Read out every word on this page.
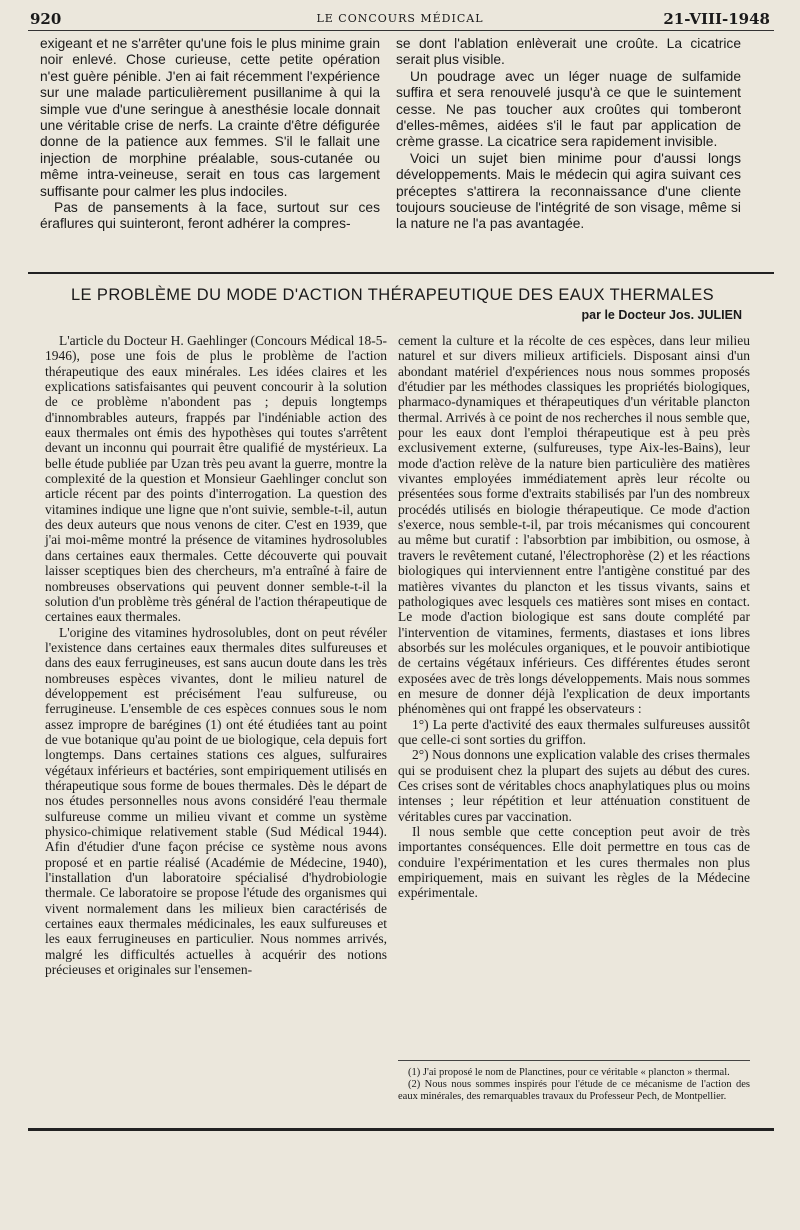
920	LE CONCOURS MÉDICAL	21-VIII-1948

exigeant et ne s'arrêter qu'une fois le plus minime grain noir enlevé. Chose curieuse, cette petite opération n'est guère pénible. J'en ai fait récemment l'expérience sur une malade particulièrement pusillanime à qui la simple vue d'une seringue à anesthésie locale donnait une véritable crise de nerfs. La crainte d'être défigurée donne de la patience aux femmes. S'il le fallait une injection de morphine préalable, sous-cutanée ou même intra-veineuse, serait en tous cas largement suffisante pour calmer les plus indociles.

Pas de pansements à la face, surtout sur ces éraflures qui suinteront, feront adhérer la compres-

se dont l'ablation enlèverait une croûte. La cicatrice serait plus visible.

Un poudrage avec un léger nuage de sulfamide suffira et sera renouvelé jusqu'à ce que le suintement cesse. Ne pas toucher aux croûtes qui tomberont d'elles-mêmes, aidées s'il le faut par application de crème grasse. La cicatrice sera rapidement invisible.

Voici un sujet bien minime pour d'aussi longs développements. Mais le médecin qui agira suivant ces préceptes s'attirera la reconnaissance d'une cliente toujours soucieuse de l'intégrité de son visage, même si la nature ne l'a pas avantagée.

LE PROBLÈME DU MODE D'ACTION THÉRAPEUTIQUE DES EAUX THERMALES
par le Docteur Jos. JULIEN

L'article du Docteur H. Gaehlinger (Concours Médical 18-5-1946), pose une fois de plus le problème de l'action thérapeutique des eaux minérales. Les idées claires et les explications satisfaisantes qui peuvent concourir à la solution de ce problème n'abondent pas ; depuis longtemps d'innombrables auteurs, frappés par l'indéniable action des eaux thermales ont émis des hypothèses qui toutes s'arrêtent devant un inconnu qui pourrait être qualifié de mystérieux. La belle étude publiée par Uzan très peu avant la guerre, montre la complexité de la question et Monsieur Gaehlinger conclut son article récent par des points d'interrogation. La question des vitamines indique une ligne que n'ont suivie, semble-t-il, autun des deux auteurs que nous venons de citer. C'est en 1939, que j'ai moi-même montré la présence de vitamines hydrosolubles dans certaines eaux thermales. Cette découverte qui pouvait laisser sceptiques bien des chercheurs, m'a entraîné à faire de nombreuses observations qui peuvent donner semble-t-il la solution d'un problème très général de l'action thérapeutique de certaines eaux thermales.

L'origine des vitamines hydrosolubles, dont on peut révéler l'existence dans certaines eaux thermales dites sulfureuses et dans des eaux ferrugineuses, est sans aucun doute dans les très nombreuses espèces vivantes, dont le milieu naturel de développement est précisément l'eau sulfureuse, ou ferrugineuse. L'ensemble de ces espèces connues sous le nom assez impropre de barégines (1) ont été étudiées tant au point de vue botanique qu'au point de ue biologique, cela depuis fort longtemps. Dans certaines stations ces algues, sulfuraires végétaux inférieurs et bactéries, sont empiriquement utilisés en thérapeutique sous forme de boues thermales. Dès le départ de nos études personnelles nous avons considéré l'eau thermale sulfureuse comme un milieu vivant et comme un système physico-chimique relativement stable (Sud Médical 1944). Afin d'étudier d'une façon précise ce système nous avons proposé et en partie réalisé (Académie de Médecine, 1940), l'installation d'un laboratoire spécialisé d'hydrobiologie thermale. Ce laboratoire se propose l'étude des organismes qui vivent normalement dans les milieux bien caractérisés de certaines eaux thermales médicinales, les eaux sulfureuses et les eaux ferrugineuses en particulier. Nous nommes arrivés, malgré les difficultés actuelles à acquérir des notions précieuses et originales sur l'ensemen-

cement la culture et la récolte de ces espèces, dans leur milieu naturel et sur divers milieux artificiels. Disposant ainsi d'un abondant matériel d'expériences nous nous sommes proposés d'étudier par les méthodes classiques les propriétés biologiques, pharmaco-dynamiques et thérapeutiques d'un véritable plancton thermal. Arrivés à ce point de nos recherches il nous semble que, pour les eaux dont l'emploi thérapeutique est à peu près exclusivement externe, (sulfureuses, type Aix-les-Bains), leur mode d'action relève de la nature bien particulière des matières vivantes employées immédiatement après leur récolte ou présentées sous forme d'extraits stabilisés par l'un des nombreux procédés utilisés en biologie thérapeutique. Ce mode d'action s'exerce, nous semble-t-il, par trois mécanismes qui concourent au même but curatif : l'absorbtion par imbibition, ou osmose, à travers le revêtement cutané, l'électrophorèse (2) et les réactions biologiques qui interviennent entre l'antigène constitué par des matières vivantes du plancton et les tissus vivants, sains et pathologiques avec lesquels ces matières sont mises en contact. Le mode d'action biologique est sans doute complété par l'intervention de vitamines, ferments, diastases et ions libres absorbés sur les molécules organiques, et le pouvoir antibiotique de certains végétaux inférieurs. Ces différentes études seront exposées avec de très longs développements. Mais nous sommes en mesure de donner déjà l'explication de deux importants phénomènes qui ont frappé les observateurs :

1°) La perte d'activité des eaux thermales sulfureuses aussitôt que celle-ci sont sorties du griffon.

2°) Nous donnons une explication valable des crises thermales qui se produisent chez la plupart des sujets au début des cures. Ces crises sont de véritables chocs anaphylatiques plus ou moins intenses ; leur répétition et leur atténuation constituent de véritables cures par vaccination.

Il nous semble que cette conception peut avoir de très importantes conséquences. Elle doit permettre en tous cas de conduire l'expérimentation et les cures thermales non plus empiriquement, mais en suivant les règles de la Médecine expérimentale.

(1) J'ai proposé le nom de Planctines, pour ce véritable « plancton » thermal.

(2) Nous nous sommes inspirés pour l'étude de ce mécanisme de l'action des eaux minérales, des remarquables travaux du Professeur Pech, de Montpellier.
